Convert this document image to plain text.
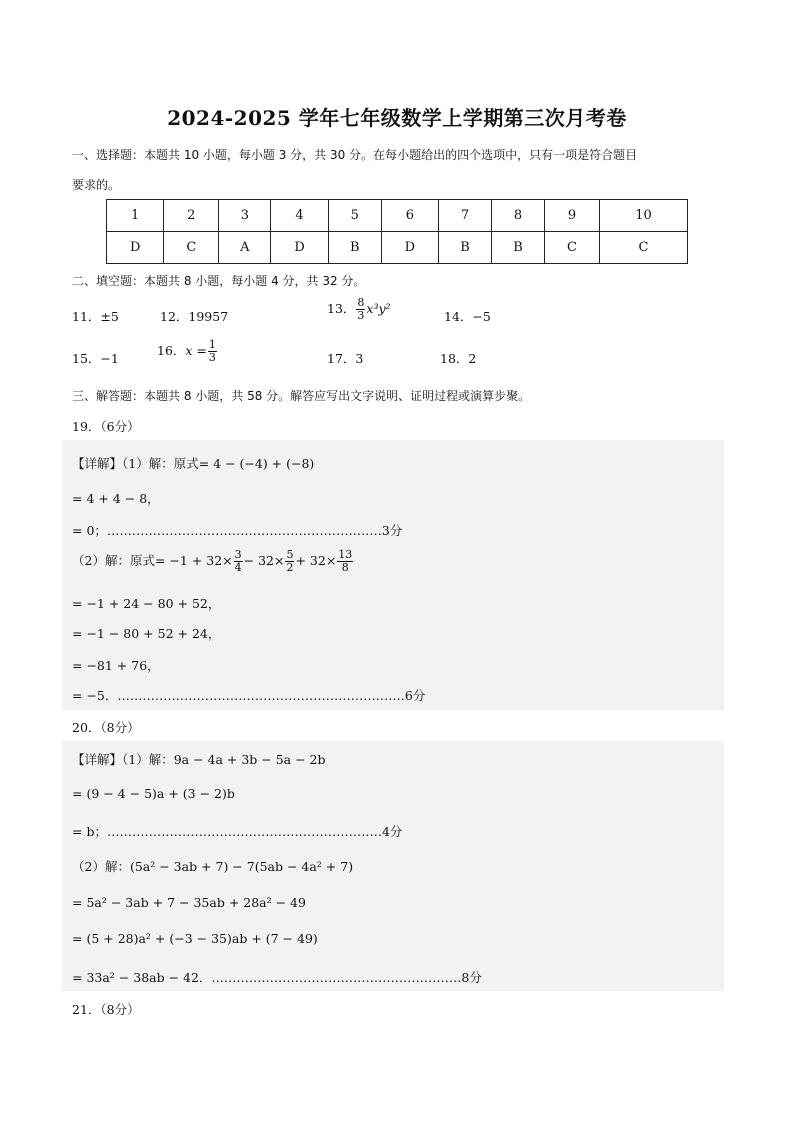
2024-2025 学年七年级数学上学期第三次月考卷
一、选择题：本题共 10 小题，每小题 3 分，共 30 分。在每小题给出的四个选项中，只有一项是符合题目
要求的。
1	2	3	4	5	6	7	8	9	10
D	C	A	D	B	D	B	B	C	C
二、填空题：本题共 8 小题，每小题 4 分，共 32 分。
11．±5	12．19957
13． $\frac{8}{3} x^3y^2$
14．−5
15．−1
16．$x = \frac{1}{3}$	17．3	18．2
三、解答题：本题共 8 小题，共 58 分。解答应写出文字说明、证明过程或演算步聚。
19．（6分）
【详解】（1）解：原式= 4 − (−4) + (−8)
= 4 + 4 − 8，
= 0；…………………………………………………………3分
（2）解：原式= $-1 + 32\times \frac{3}{4} - 32\times \frac{5}{2} + 32\times \frac{13}{8}$
= −1 + 24 − 80 + 52，
= −1 − 80 + 52 + 24，
= −81 + 76，
= −5．……………………………………………………………6分
20．（8分）
【详解】（1）解：9a − 4a + 3b − 5a − 2b
= (9 − 4 − 5)a + (3 − 2)b
= b；…………………………………………………………4分
（2）解：(5a² − 3ab + 7) − 7(5ab − 4a² + 7)
= 5a² − 3ab + 7 − 35ab + 28a² − 49
= (5 + 28)a² + (−3 − 35)ab + (7 − 49)
= 33a² − 38ab − 42．……………………………………………………8分
21．（8分）
